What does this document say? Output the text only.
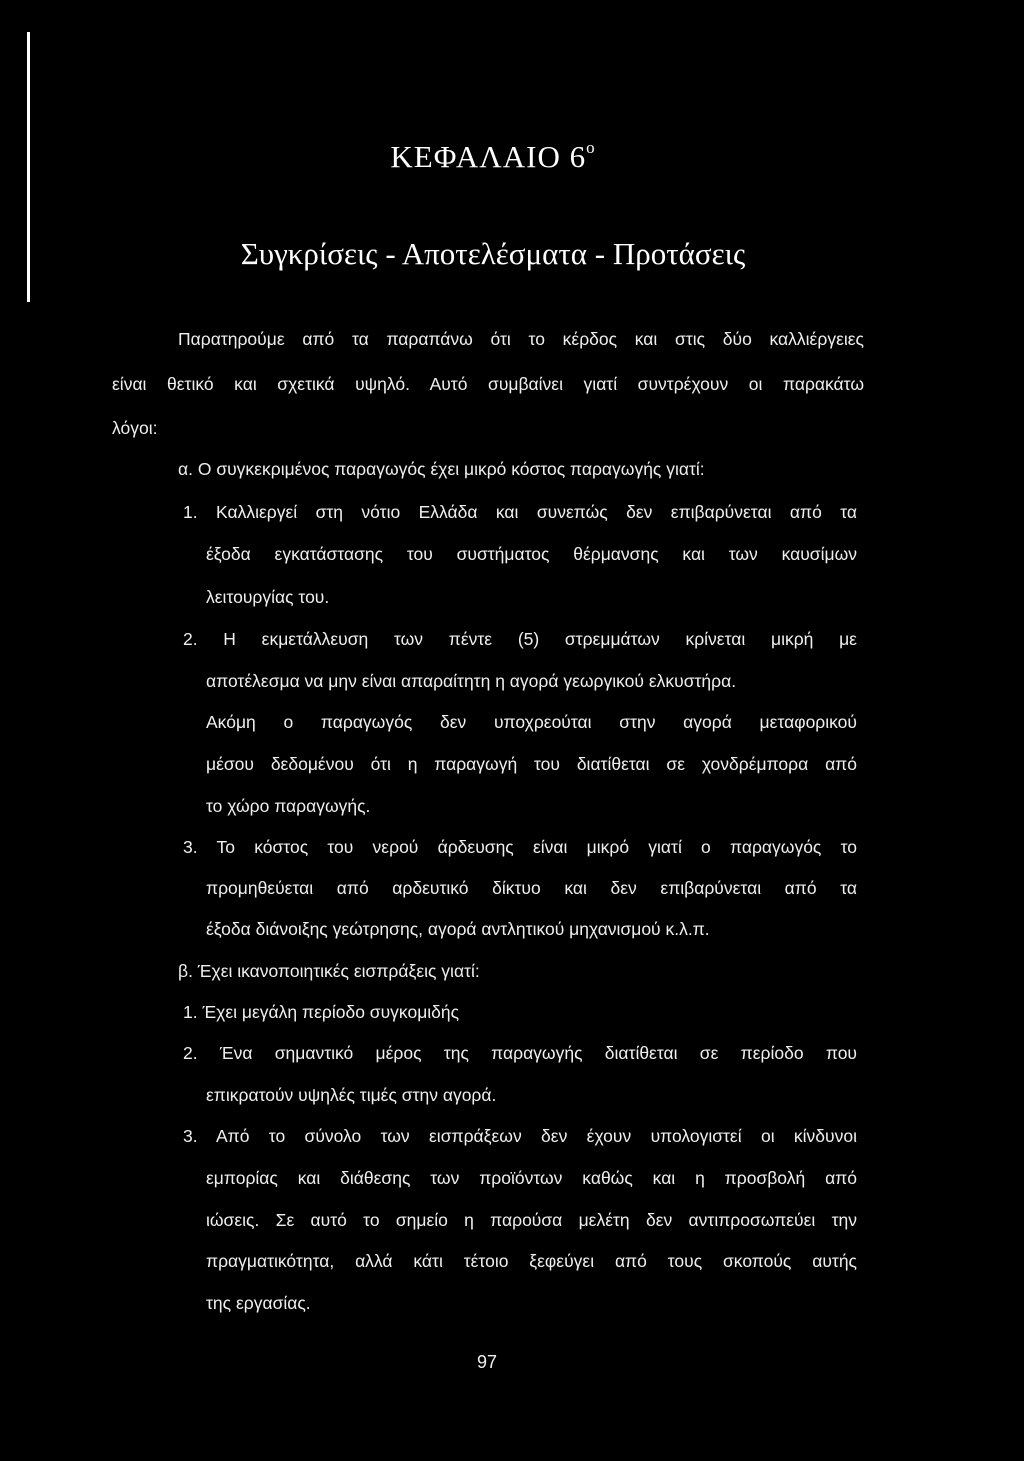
ΚΕΦΑΛΑΙΟ $6^o$
Συγκρίσεις - Αποτελέσματα - Προτάσεις
Παρατηρούμε από τα παραπάνω ότι το κέρδος και στις δύο καλλιέργειες
είναι θετικό και σχετικά υψηλό. Αυτό συμβαίνει γιατί συντρέχουν οι παρακάτω
λόγοι:
α. Ο συγκεκριμένος παραγωγός έχει μικρό κόστος παραγωγής γιατί:
1. Καλλιεργεί στη νότιο Ελλάδα και συνεπώς δεν επιβαρύνεται από τα
έξοδα εγκατάστασης του συστήματος θέρμανσης και των καυσίμων
λειτουργίας του.
2. Η εκμετάλλευση των πέντε (5) στρεμμάτων κρίνεται μικρή με
αποτέλεσμα να μην είναι απαραίτητη η αγορά γεωργικού ελκυστήρα.
Ακόμη ο παραγωγός δεν υποχρεούται στην αγορά μεταφορικού
μέσου δεδομένου ότι η παραγωγή του διατίθεται σε χονδρέμπορα από
το χώρο παραγωγής.
3. Το κόστος του νερού άρδευσης είναι μικρό γιατί ο παραγωγός το
προμηθεύεται από αρδευτικό δίκτυο και δεν επιβαρύνεται από τα
έξοδα διάνοιξης γεώτρησης, αγορά αντλητικού μηχανισμού κ.λ.π.
β. Έχει ικανοποιητικές εισπράξεις γιατί:
1. Έχει μεγάλη περίοδο συγκομιδής
2. Ένα σημαντικό μέρος της παραγωγής διατίθεται σε περίοδο που
επικρατούν υψηλές τιμές στην αγορά.
3. Από το σύνολο των εισπράξεων δεν έχουν υπολογιστεί οι κίνδυνοι
εμπορίας και διάθεσης των προϊόντων καθώς και η προσβολή από
ιώσεις. Σε αυτό το σημείο η παρούσα μελέτη δεν αντιπροσωπεύει την
πραγματικότητα, αλλά κάτι τέτοιο ξεφεύγει από τους σκοπούς αυτής
της εργασίας.
97
